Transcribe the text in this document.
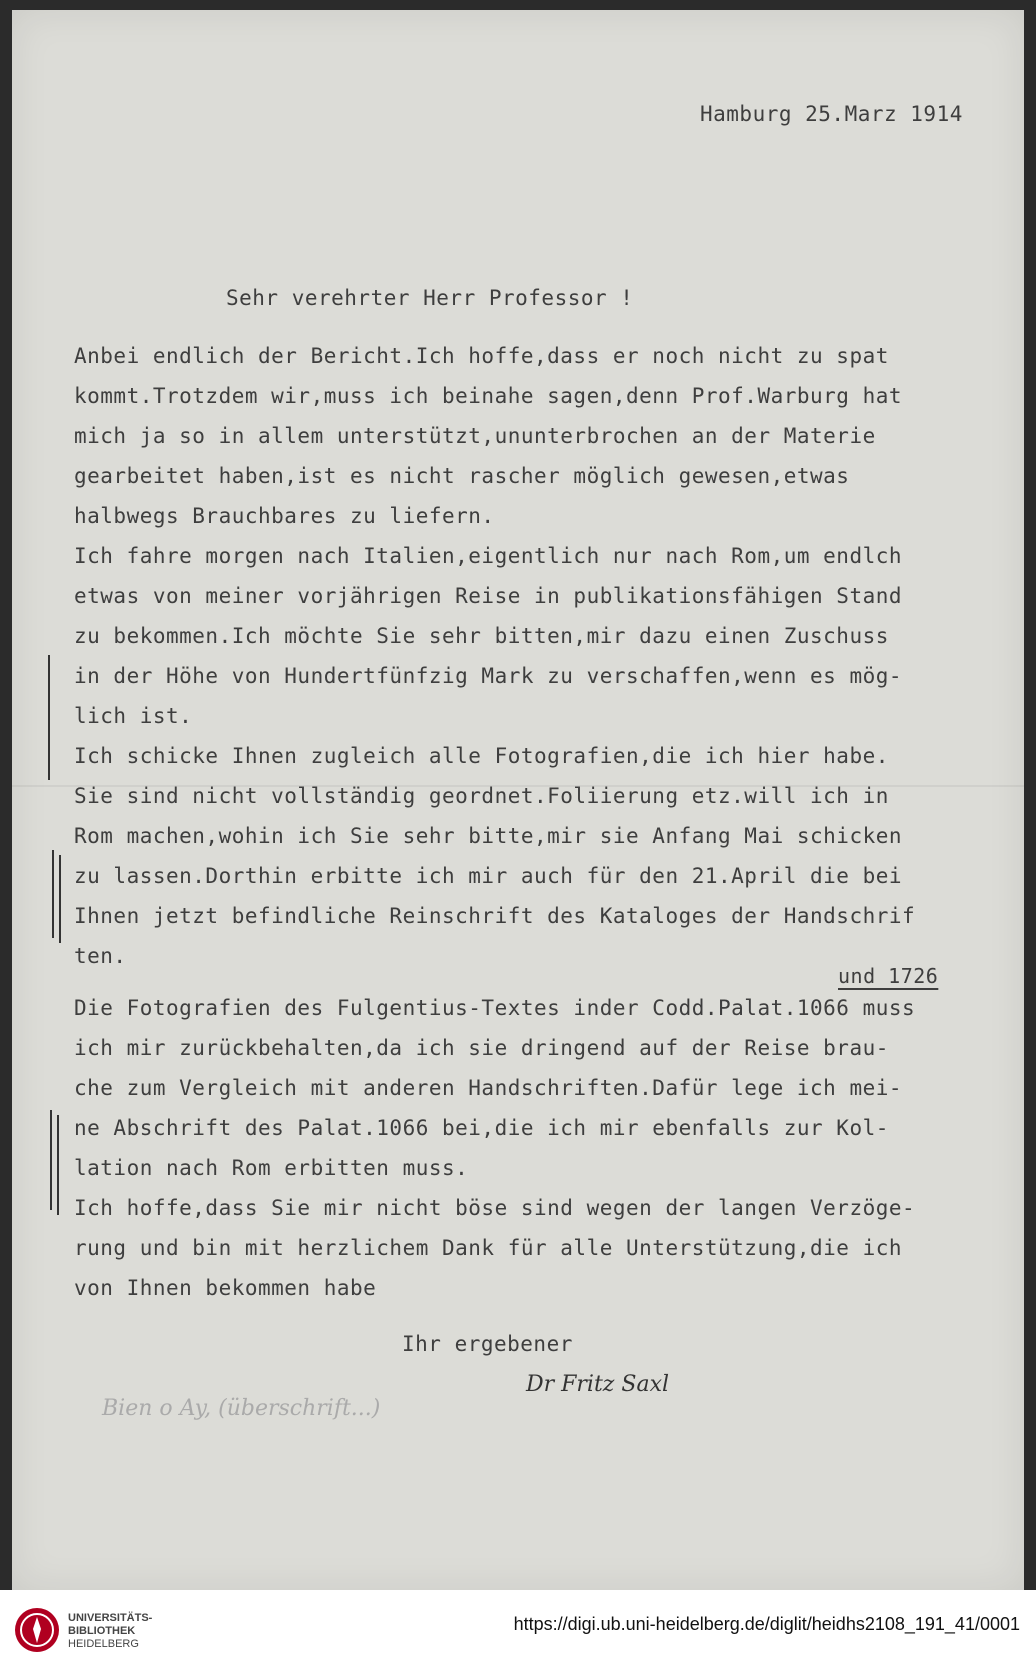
Hamburg 25.Marz 1914
Sehr verehrter Herr Professor !
Anbei endlich der Bericht.Ich hoffe,dass er noch nicht zu spat
kommt.Trotzdem wir,muss ich beinahe sagen,denn Prof.Warburg hat
mich ja so in allem unterstützt,ununterbrochen an der Materie
gearbeitet haben,ist es nicht rascher möglich gewesen,etwas
halbwegs Brauchbares zu liefern.
Ich fahre morgen nach Italien,eigentlich nur nach Rom,um endlch
etwas von meiner vorjährigen Reise in publikationsfähigen Stand
zu bekommen.Ich möchte Sie sehr bitten,mir dazu einen Zuschuss
in der Höhe von Hundertfünfzig Mark zu verschaffen,wenn es mög-
lich ist.
Ich schicke Ihnen zugleich alle Fotografien,die ich hier habe.
Sie sind nicht vollständig geordnet.Foliierung etz.will ich in
Rom machen,wohin ich Sie sehr bitte,mir sie Anfang Mai schicken
zu lassen.Dorthin erbitte ich mir auch für den 21.April die bei
Ihnen jetzt befindliche Reinschrift des Kataloges der Handschrif
ten.
und 1726
Die Fotografien des Fulgentius-Textes inder Codd.Palat.1066 muss
ich mir zurückbehalten,da ich sie dringend auf der Reise brau-
che zum Vergleich mit anderen Handschriften.Dafür lege ich mei-
ne Abschrift des Palat.1066 bei,die ich mir ebenfalls zur Kol-
lation nach Rom erbitten muss.
Ich hoffe,dass Sie mir nicht böse sind wegen der langen Verzöge-
rung und bin mit herzlichem Dank für alle Unterstützung,die ich
von Ihnen bekommen habe
Ihr ergebener
Dr Fritz Saxl
Bien o Ay, (überschrift...)
UNIVERSITÄTS-
BIBLIOTHEK
HEIDELBERG
https://digi.ub.uni-heidelberg.de/diglit/heidhs2108_191_41/0001
